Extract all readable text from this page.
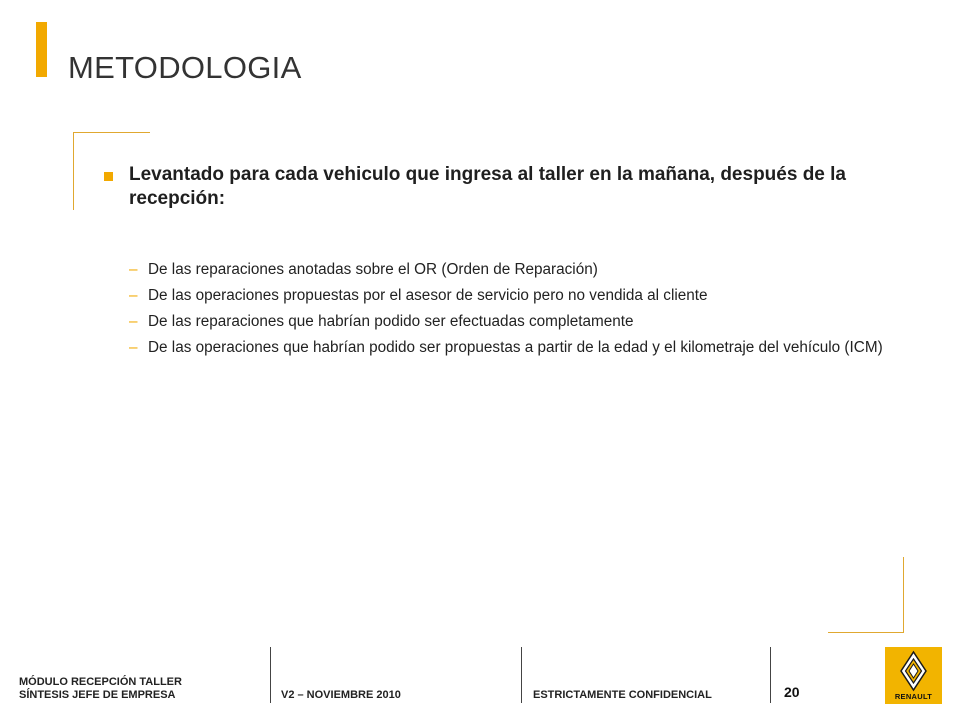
METODOLOGIA
Levantado para cada vehiculo que ingresa al taller en la mañana, después de la recepción:
– De las reparaciones anotadas sobre el OR (Orden de Reparación)
– De las operaciones propuestas por el asesor de servicio pero no vendida al cliente
– De las reparaciones que habrían podido ser efectuadas completamente
– De las operaciones que habrían podido ser propuestas a partir de la edad y el kilometraje del vehículo (ICM)
MÓDULO RECEPCIÓN TALLER
SÍNTESIS JEFE DE EMPRESA	V2 – NOVIEMBRE 2010	ESTRICTAMENTE CONFIDENCIAL	20	RENAULT
